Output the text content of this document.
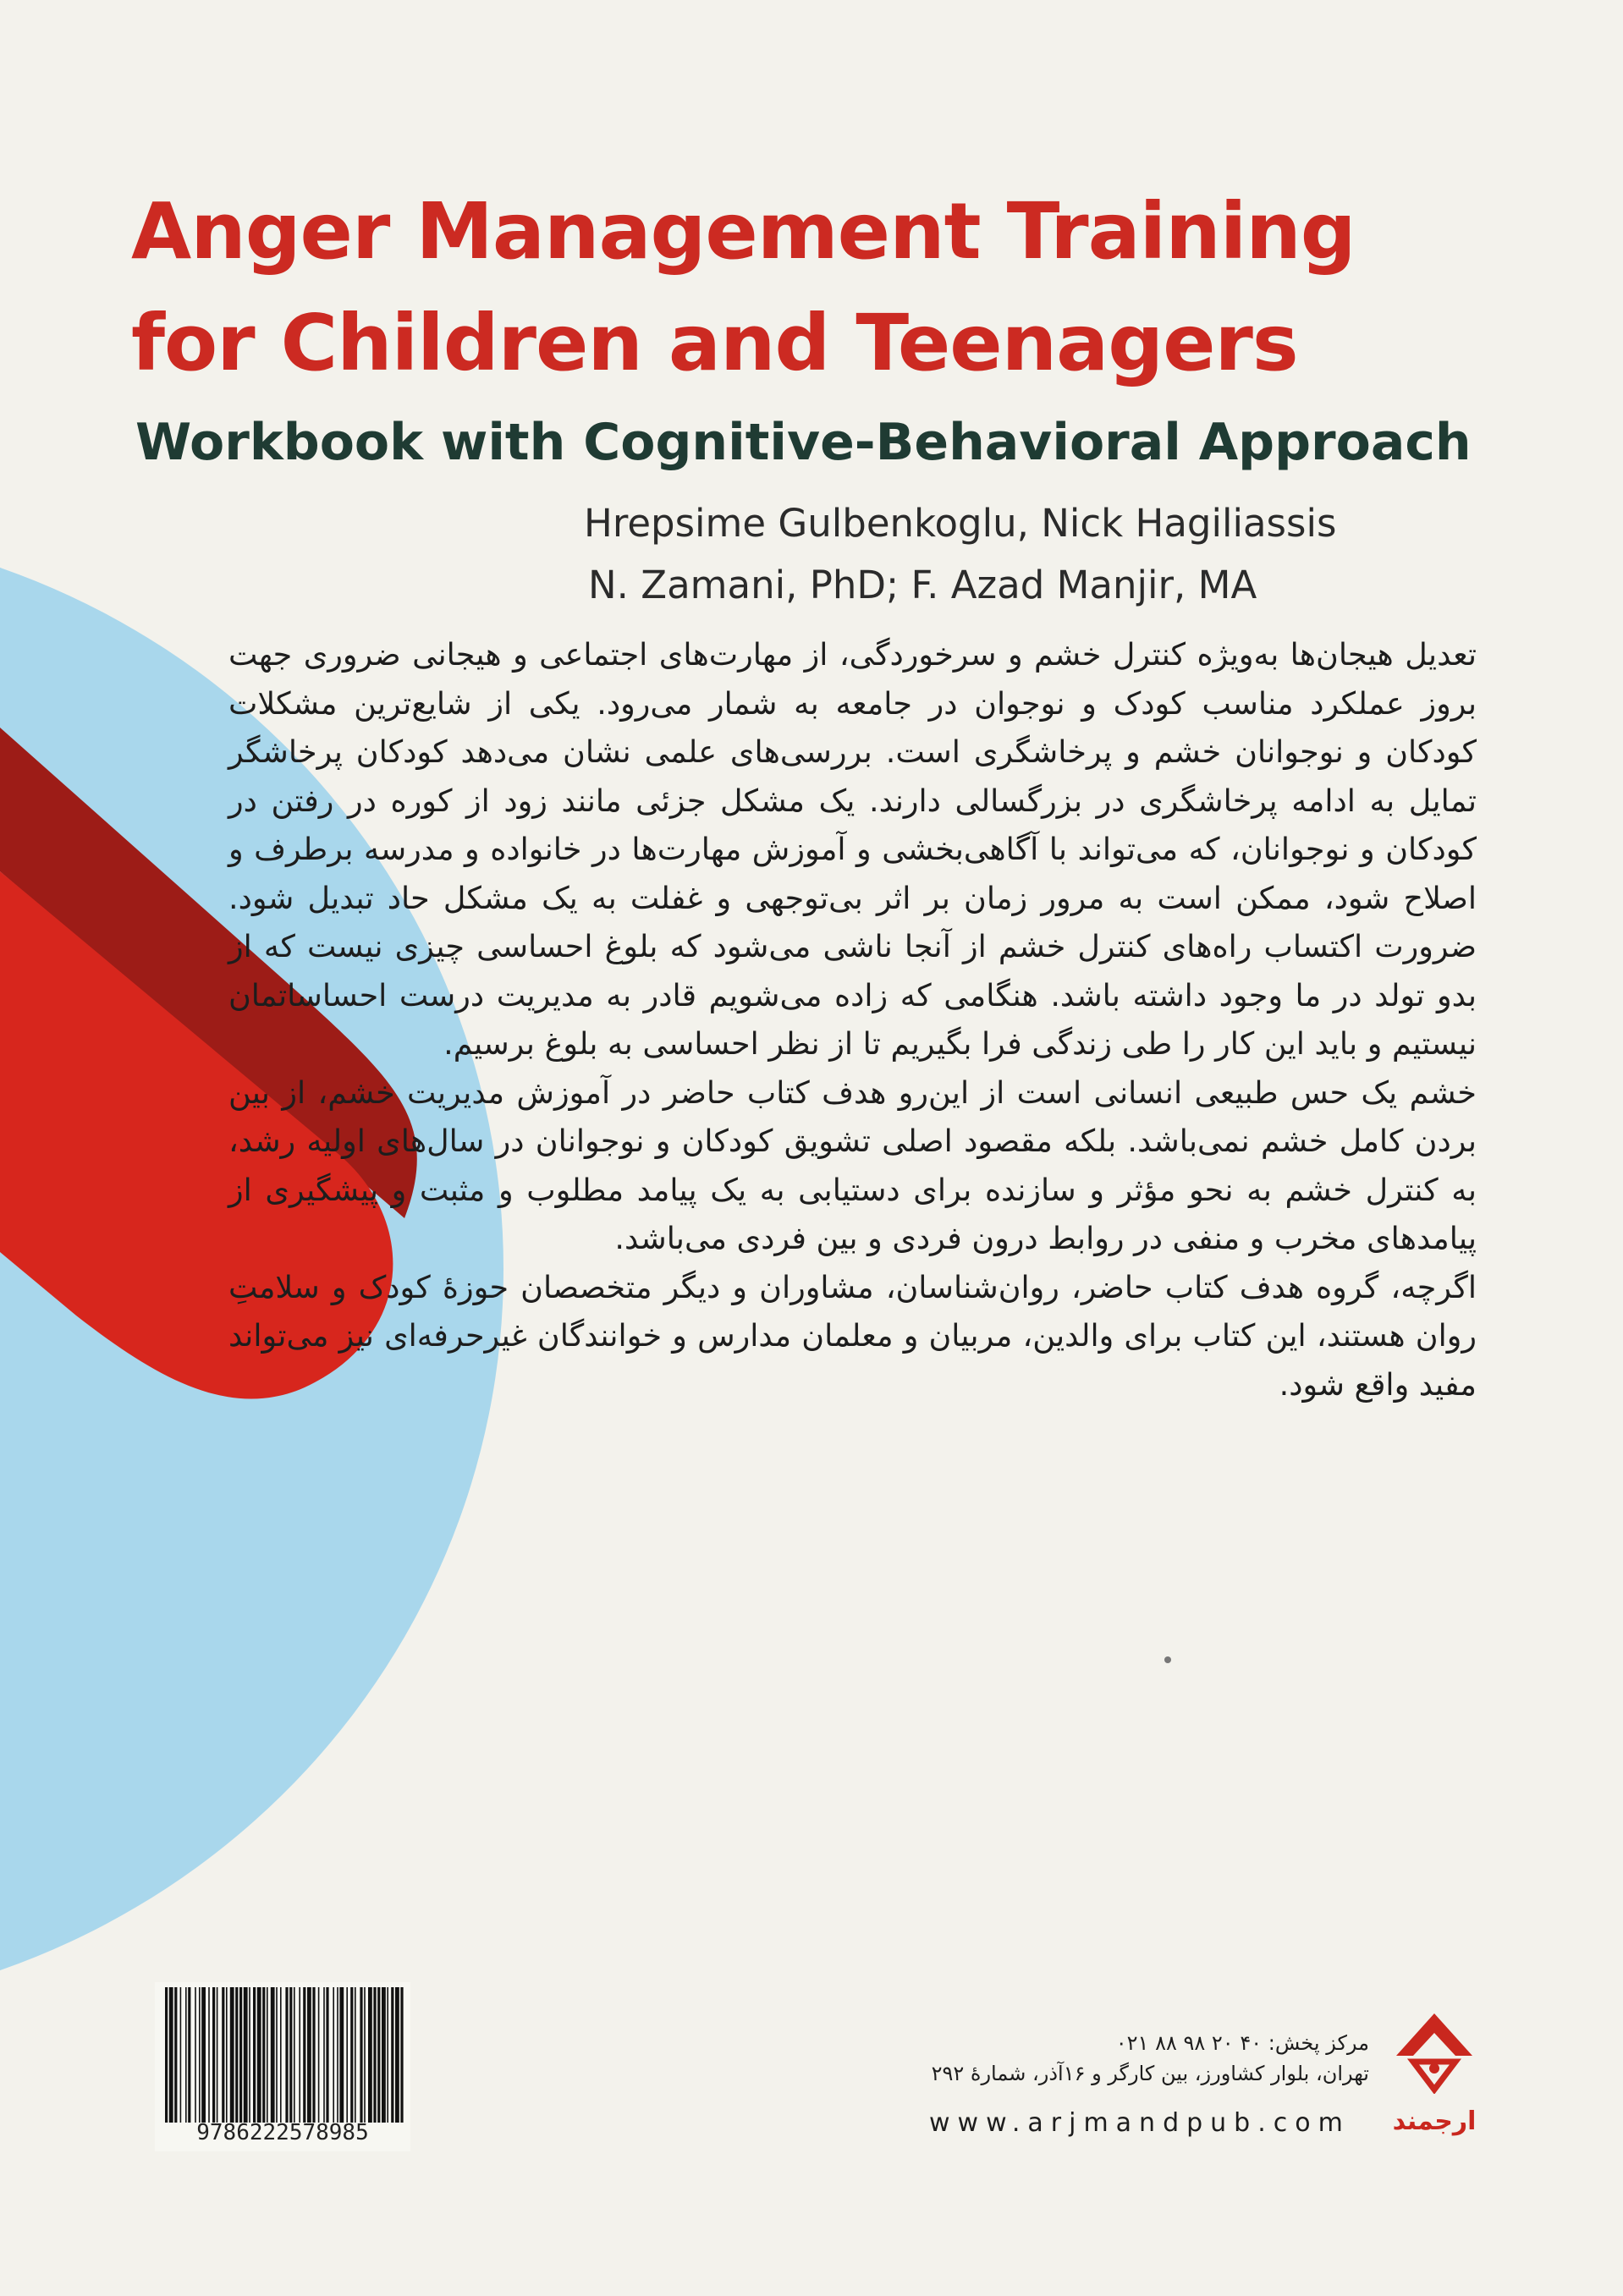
Anger Management Training
for Children and Teenagers
Workbook with Cognitive-Behavioral Approach
Hrepsime Gulbenkoglu, Nick Hagiliassis
N. Zamani, PhD; F. Azad Manjir, MA

تعدیل هیجان‌ها به‌ویژه کنترل خشم و سرخوردگی، از مهارت‌های اجتماعی و هیجانی ضروری جهت بروز عملکرد مناسب کودک و نوجوان در جامعه به شمار می‌رود. یکی از شایع‌ترین مشکلات کودکان و نوجوانان خشم و پرخاشگری است. بررسی‌های علمی نشان می‌دهد کودکان پرخاشگر تمایل به ادامه پرخاشگری در بزرگسالی دارند. یک مشکل جزئی مانند زود از کوره در رفتن در کودکان و نوجوانان، که می‌تواند با آگاهی‌بخشی و آموزش مهارت‌ها در خانواده و مدرسه برطرف و اصلاح شود، ممکن است به مرور زمان بر اثر بی‌توجهی و غفلت به یک مشکل حاد تبدیل شود. ضرورت اکتساب راه‌های کنترل خشم از آنجا ناشی می‌شود که بلوغ احساسی چیزی نیست که از بدو تولد در ما وجود داشته باشد. هنگامی که زاده می‌شویم قادر به مدیریت درست احساساتمان نیستیم و باید این کار را طی زندگی فرا بگیریم تا از نظر احساسی به بلوغ برسیم.

خشم یک حس طبیعی انسانی است از این‌رو هدف کتاب حاضر در آموزش مدیریت خشم، از بین بردن کامل خشم نمی‌باشد. بلکه مقصود اصلی تشویق کودکان و نوجوانان در سال‌های اولیه رشد، به کنترل خشم به نحو مؤثر و سازنده برای دستیابی به یک پیامد مطلوب و مثبت و پیشگیری از پیامدهای مخرب و منفی در روابط درون فردی و بین فردی می‌باشد.

اگرچه، گروه هدف کتاب حاضر، روان‌شناسان، مشاوران و دیگر متخصصان حوزهٔ کودک و سلامتِ روان هستند، این کتاب برای والدین، مربیان و معلمان مدارس و خوانندگان غیرحرفه‌ای نیز می‌تواند مفید واقع شود.

9786222578985
مرکز پخش: ۴۰ ۲۰ ۹۸ ۸۸ ۰۲۱
تهران، بلوار کشاورز، بین کارگر و ۱۶آذر، شمارهٔ ۲۹۲
www.arjmandpub.com ارجمند
